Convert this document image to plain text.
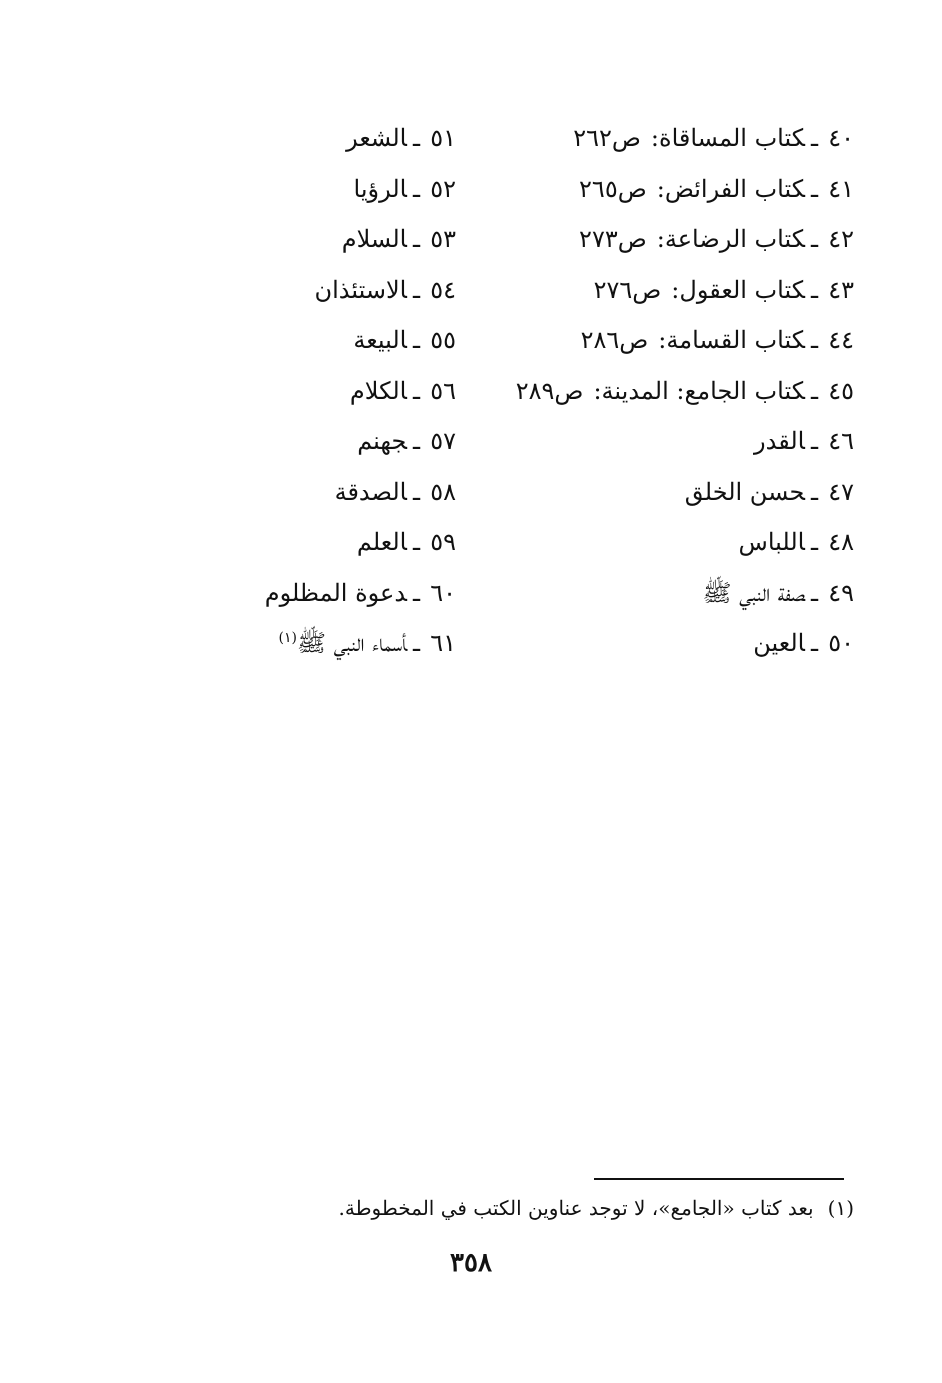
٤٠ـكتاب المساقاة:ص٢٦٢
٤١ـكتاب الفرائض:ص٢٦٥
٤٢ـكتاب الرضاعة:ص٢٧٣
٤٣ـكتاب العقول:ص٢٧٦
٤٤ـكتاب القسامة:ص٢٨٦
٤٥ـكتاب الجامع: المدينة:ص٢٨٩
٤٦ـالقدر
٤٧ـحسن الخلق
٤٨ـاللباس
٤٩ـصفة النبي ﷺ
٥٠ـالعين
٥١ـالشعر
٥٢ـالرؤيا
٥٣ـالسلام
٥٤ـالاستئذان
٥٥ـالبيعة
٥٦ـالكلام
٥٧ـجهنم
٥٨ـالصدقة
٥٩ـالعلم
٦٠ـدعوة المظلوم
٦١ـأسماء النبي ﷺ$^{(١)}$
(١)بعد كتاب «الجامع»، لا توجد عناوين الكتب في المخطوطة.
٣٥٨
